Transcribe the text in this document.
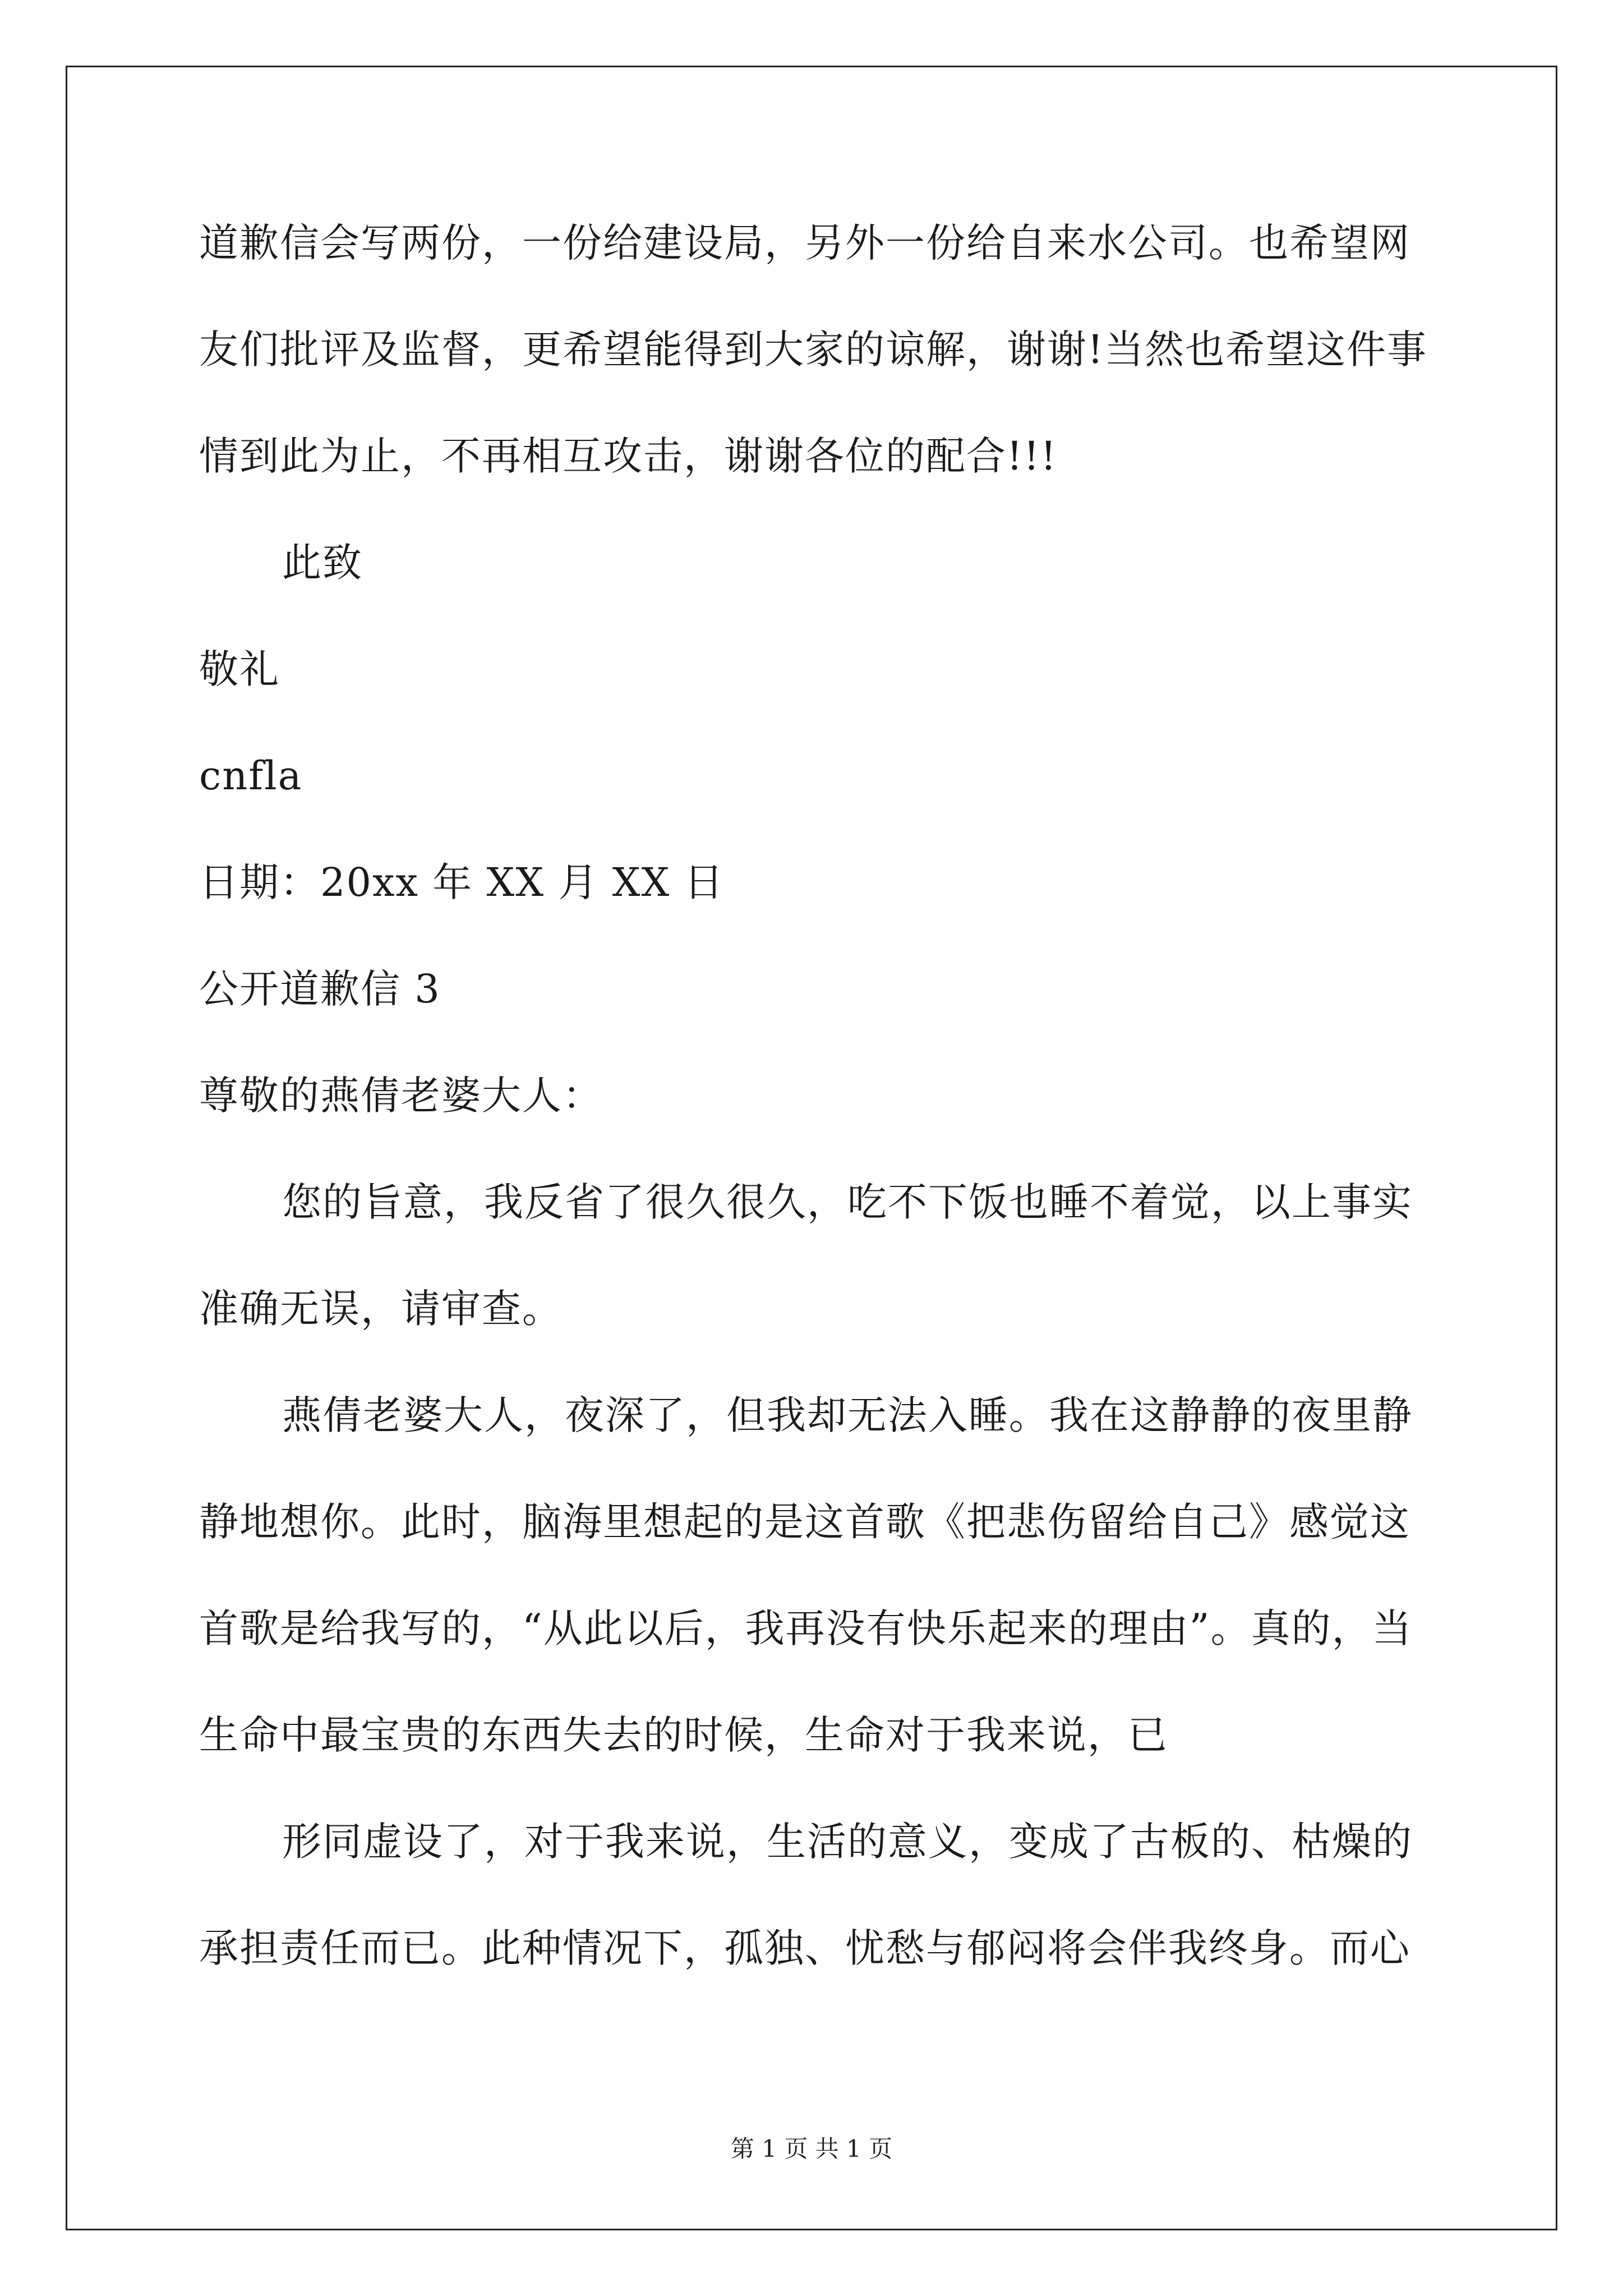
道歉信会写两份，一份给建设局，另外一份给自来水公司。也希望网

友们批评及监督，更希望能得到大家的谅解，谢谢!当然也希望这件事

情到此为止，不再相互攻击，谢谢各位的配合!!!

此致

敬礼

cnfla

日期：20xx 年 XX 月 XX 日

公开道歉信 3

尊敬的燕倩老婆大人：

您的旨意，我反省了很久很久，吃不下饭也睡不着觉，以上事实

准确无误，请审查。

燕倩老婆大人，夜深了，但我却无法入睡。我在这静静的夜里静

静地想你。此时，脑海里想起的是这首歌《把悲伤留给自己》感觉这

首歌是给我写的，“从此以后，我再没有快乐起来的理由”。真的，当

生命中最宝贵的东西失去的时候，生命对于我来说，已

形同虚设了，对于我来说，生活的意义，变成了古板的、枯燥的

承担责任而已。此种情况下，孤独、忧愁与郁闷将会伴我终身。而心

第 1 页 共 1 页
